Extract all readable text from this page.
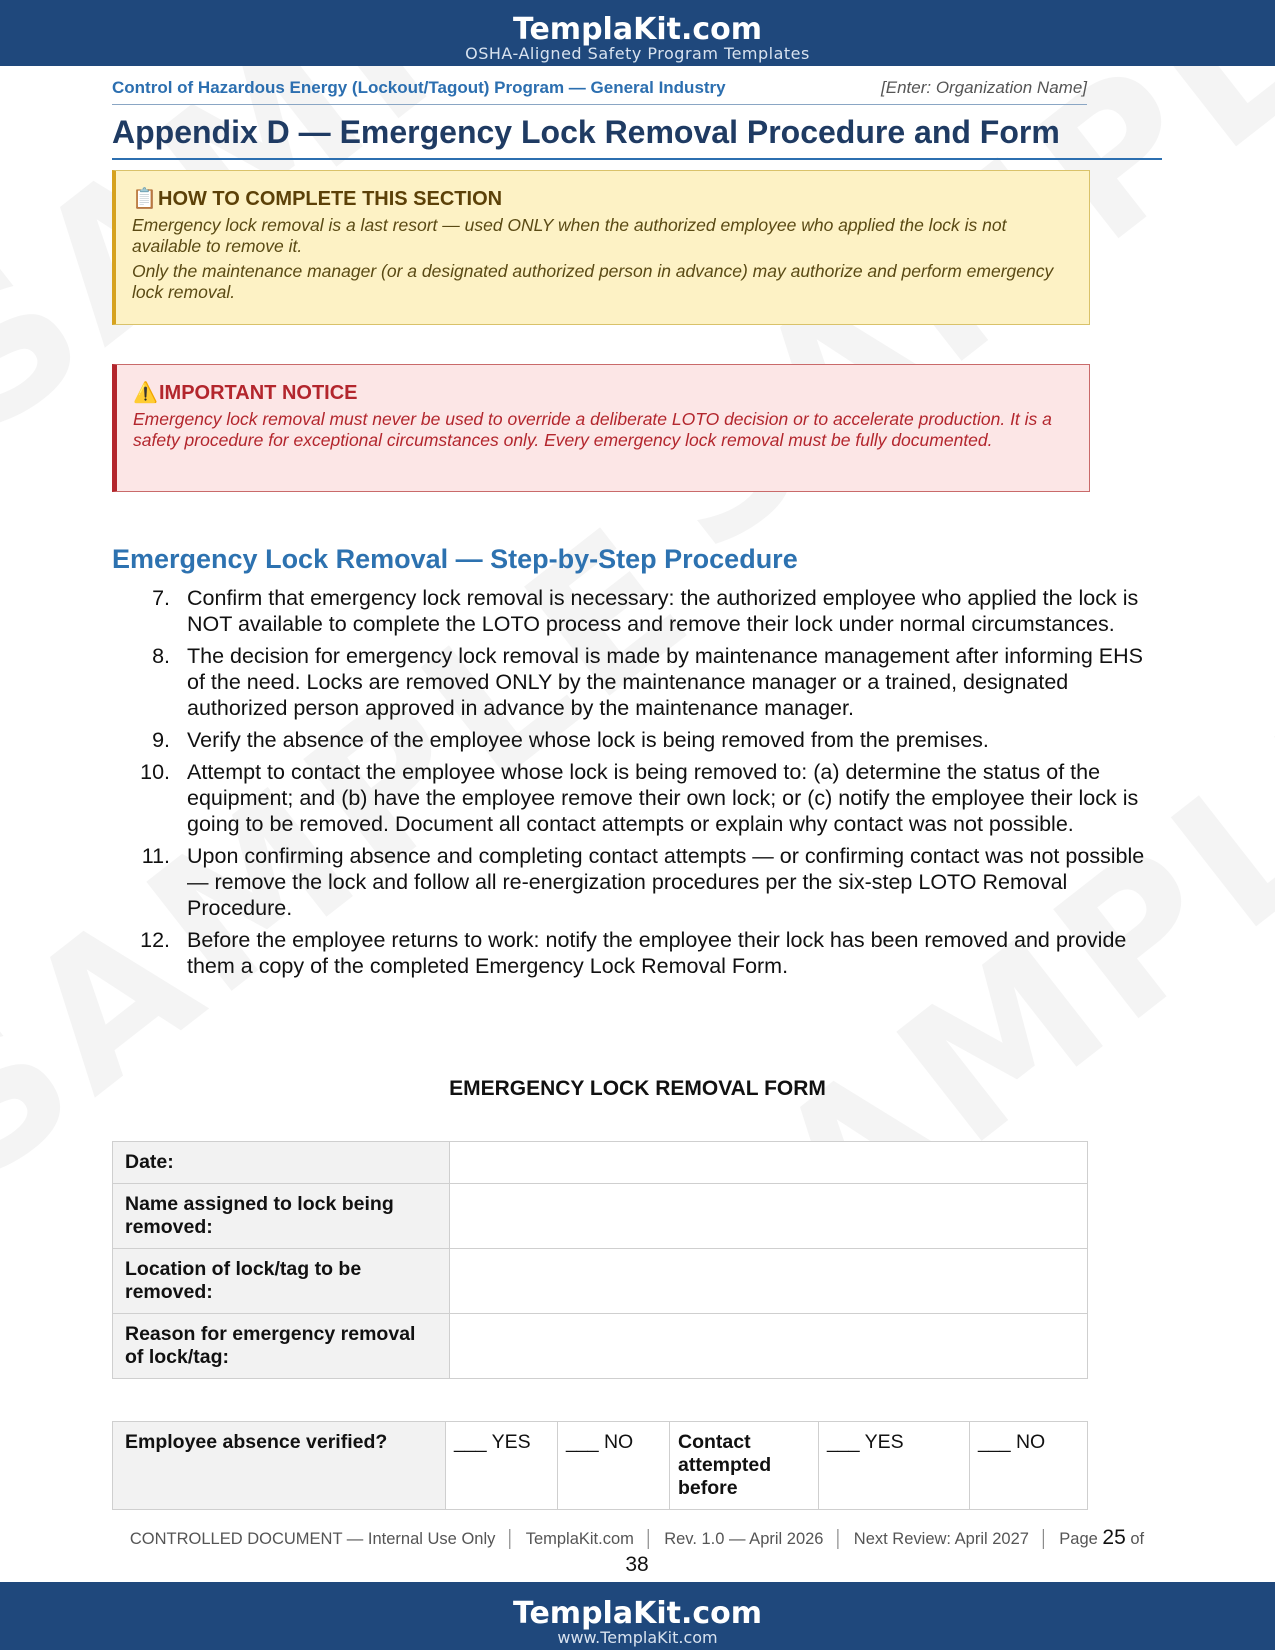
TemplaKit.com
OSHA-Aligned Safety Program Templates
Control of Hazardous Energy (Lockout/Tagout) Program — General Industry	[Enter: Organization Name]
Appendix D — Emergency Lock Removal Procedure and Form
📋HOW TO COMPLETE THIS SECTION

Emergency lock removal is a last resort — used ONLY when the authorized employee who applied the lock is not available to remove it.

Only the maintenance manager (or a designated authorized person in advance) may authorize and perform emergency lock removal.

⚠️IMPORTANT NOTICE

Emergency lock removal must never be used to override a deliberate LOTO decision or to accelerate production. It is a safety procedure for exceptional circumstances only. Every emergency lock removal must be fully documented.

Emergency Lock Removal — Step-by-Step Procedure
7. Confirm that emergency lock removal is necessary: the authorized employee who applied the lock is NOT available to complete the LOTO process and remove their lock under normal circumstances.
8. The decision for emergency lock removal is made by maintenance management after informing EHS of the need. Locks are removed ONLY by the maintenance manager or a trained, designated authorized person approved in advance by the maintenance manager.
9. Verify the absence of the employee whose lock is being removed from the premises.
10. Attempt to contact the employee whose lock is being removed to: (a) determine the status of the equipment; and (b) have the employee remove their own lock; or (c) notify the employee their lock is going to be removed. Document all contact attempts or explain why contact was not possible.
11. Upon confirming absence and completing contact attempts — or confirming contact was not possible — remove the lock and follow all re-energization procedures per the six-step LOTO Removal Procedure.
12. Before the employee returns to work: notify the employee their lock has been removed and provide them a copy of the completed Emergency Lock Removal Form.
EMERGENCY LOCK REMOVAL FORM
Date:	
Name assigned to lock being removed:	
Location of lock/tag to be removed:	
Reason for emergency removal of lock/tag:	
Employee absence verified?	___ YES	___ NO	Contact attempted before	___ YES	___ NO
CONTROLLED DOCUMENT — Internal Use Only │ TemplaKit.com │ Rev. 1.0 — April 2026 │ Next Review: April 2027 │ Page 25 of
38
TemplaKit.com
www.TemplaKit.com
